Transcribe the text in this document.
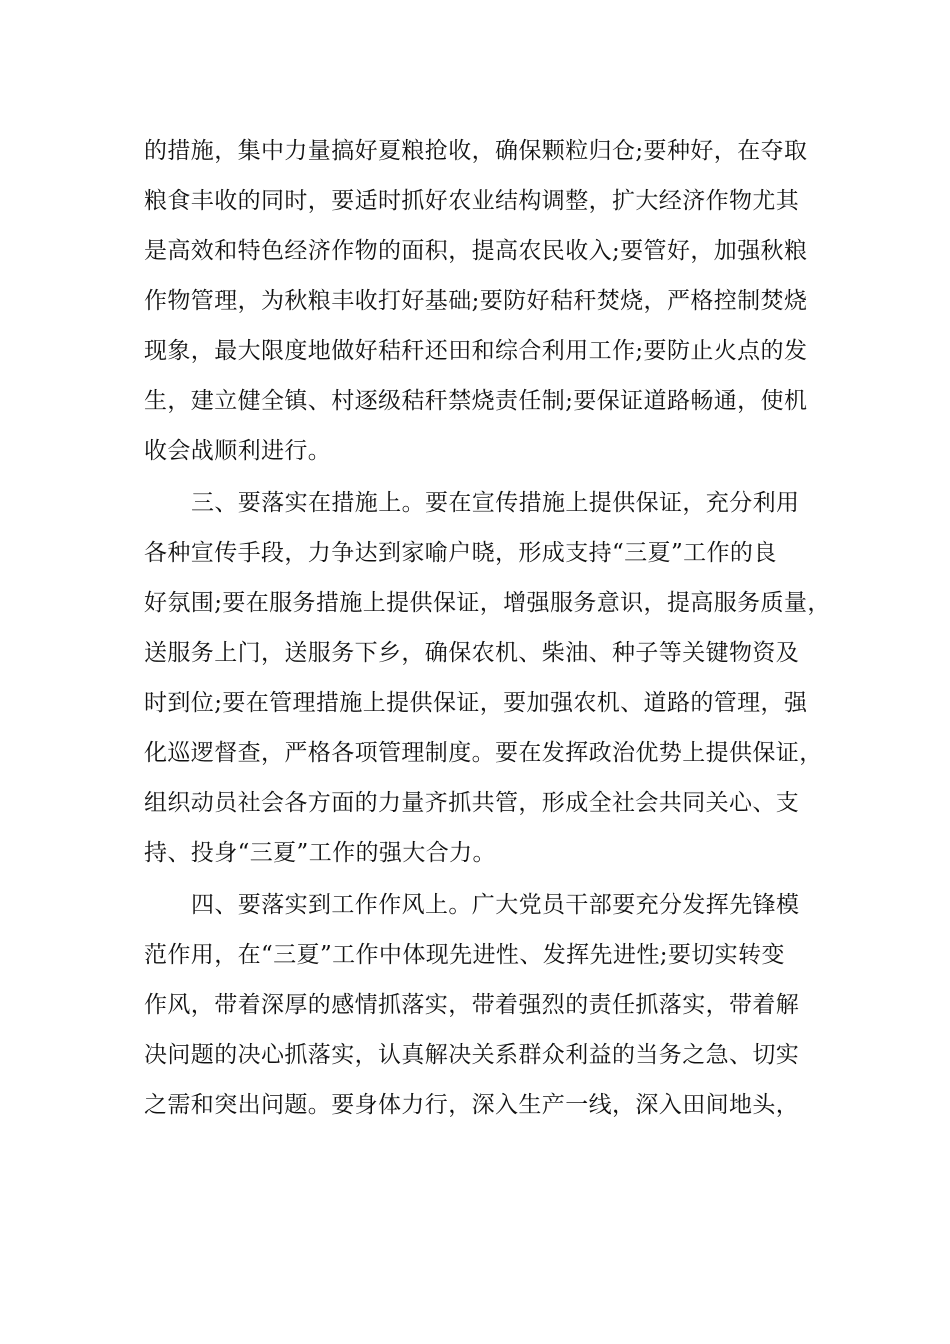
的措施，集中力量搞好夏粮抢收，确保颗粒归仓;要种好，在夺取
粮食丰收的同时，要适时抓好农业结构调整，扩大经济作物尤其
是高效和特色经济作物的面积，提高农民收入;要管好，加强秋粮
作物管理，为秋粮丰收打好基础;要防好秸秆焚烧，严格控制焚烧
现象，最大限度地做好秸秆还田和综合利用工作;要防止火点的发
生，建立健全镇、村逐级秸秆禁烧责任制;要保证道路畅通，使机
收会战顺利进行。
三、要落实在措施上。要在宣传措施上提供保证，充分利用
各种宣传手段，力争达到家喻户晓，形成支持“三夏”工作的良
好氛围;要在服务措施上提供保证，增强服务意识，提高服务质量，
送服务上门，送服务下乡，确保农机、柴油、种子等关键物资及
时到位;要在管理措施上提供保证，要加强农机、道路的管理，强
化巡逻督查，严格各项管理制度。要在发挥政治优势上提供保证，
组织动员社会各方面的力量齐抓共管，形成全社会共同关心、支
持、投身“三夏”工作的强大合力。
四、要落实到工作作风上。广大党员干部要充分发挥先锋模
范作用，在“三夏”工作中体现先进性、发挥先进性;要切实转变
作风，带着深厚的感情抓落实，带着强烈的责任抓落实，带着解
决问题的决心抓落实，认真解决关系群众利益的当务之急、切实
之需和突出问题。要身体力行，深入生产一线，深入田间地头，
